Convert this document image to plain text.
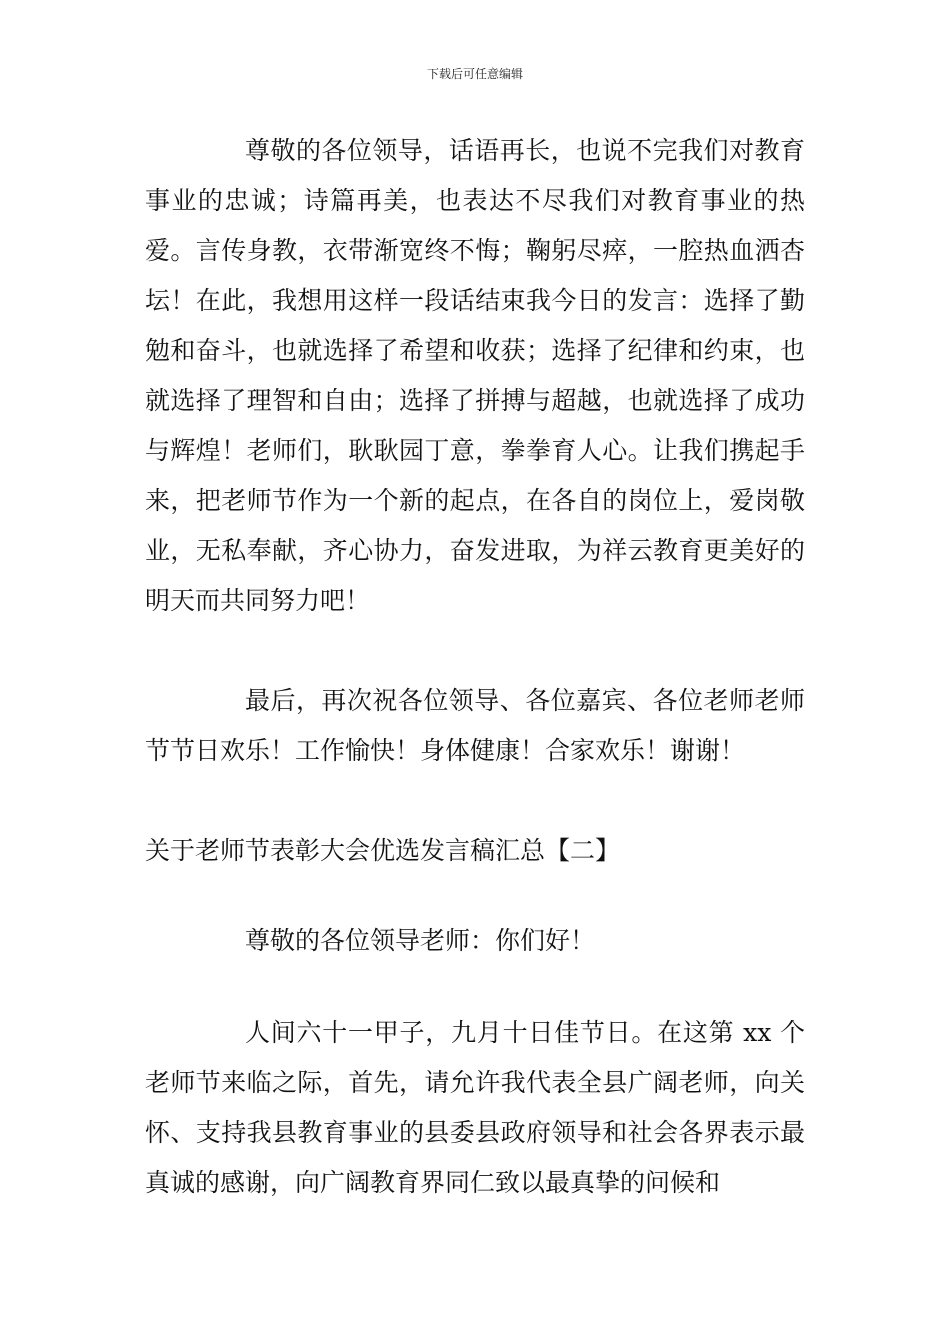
下载后可任意编辑

尊敬的各位领导，话语再长，也说不完我们对教育事业的忠诚；诗篇再美，也表达不尽我们对教育事业的热爱。言传身教，衣带渐宽终不悔；鞠躬尽瘁，一腔热血洒杏坛！在此，我想用这样一段话结束我今日的发言：选择了勤勉和奋斗，也就选择了希望和收获；选择了纪律和约束，也就选择了理智和自由；选择了拼搏与超越，也就选择了成功与辉煌！老师们，耿耿园丁意，拳拳育人心。让我们携起手来，把老师节作为一个新的起点，在各自的岗位上，爱岗敬业，无私奉献，齐心协力，奋发进取，为祥云教育更美好的明天而共同努力吧！

最后，再次祝各位领导、各位嘉宾、各位老师老师节节日欢乐！工作愉快！身体健康！合家欢乐！谢谢！

关于老师节表彰大会优选发言稿汇总【二】

尊敬的各位领导老师：你们好！

人间六十一甲子，九月十日佳节日。在这第 xx 个老师节来临之际，首先，请允许我代表全县广阔老师，向关怀、支持我县教育事业的县委县政府领导和社会各界表示最真诚的感谢，向广阔教育界同仁致以最真挚的问候和
